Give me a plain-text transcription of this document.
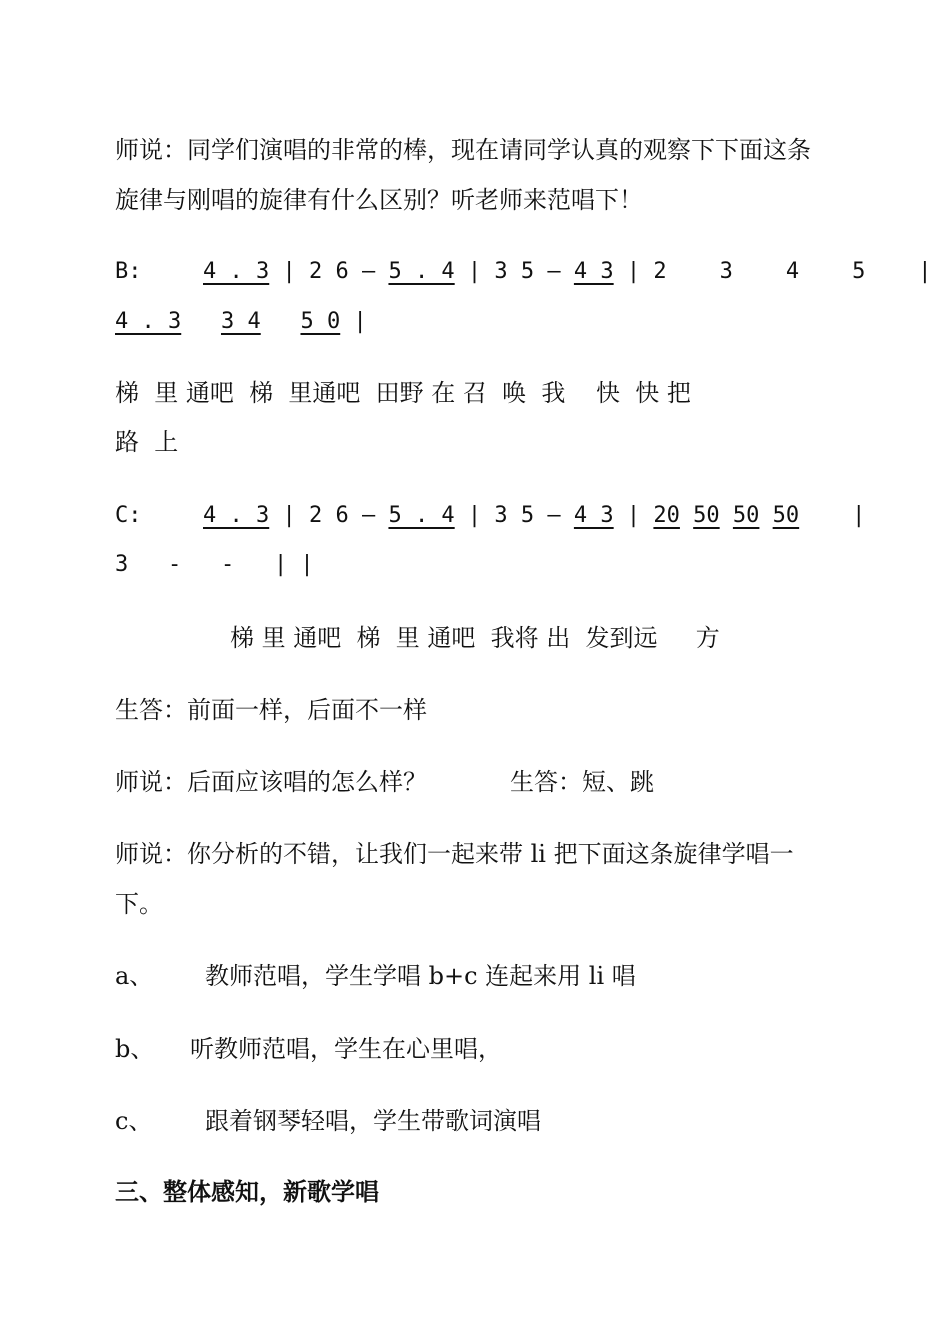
师说：同学们演唱的非常的棒，现在请同学认真的观察下下面这条
旋律与刚唱的旋律有什么区别？听老师来范唱下！
B:	4 . 3 | 2 6 – 5 . 4 | 3 5 – 4 3 | 2    3    4    5    |
4 . 3 3 4 5 0 |
梯  里 通吧  梯  里通吧  田野 在 召  唤  我    快  快 把
路  上
C:	4 . 3 | 2 6 – 5 . 4 | 3 5 – 4 3 | 20 50 50 50    |
3   -   -   | |
梯 里 通吧  梯  里 通吧  我将 出  发到远     方
生答：前面一样，后面不一样
师说：后面应该唱的怎么样？	生答：短、跳
师说：你分析的不错，让我们一起来带 li 把下面这条旋律学唱一
下。
a、 教师范唱，学生学唱 b+c 连起来用 li 唱
b、 听教师范唱，学生在心里唱，
c、 跟着钢琴轻唱，学生带歌词演唱
三、整体感知，新歌学唱
